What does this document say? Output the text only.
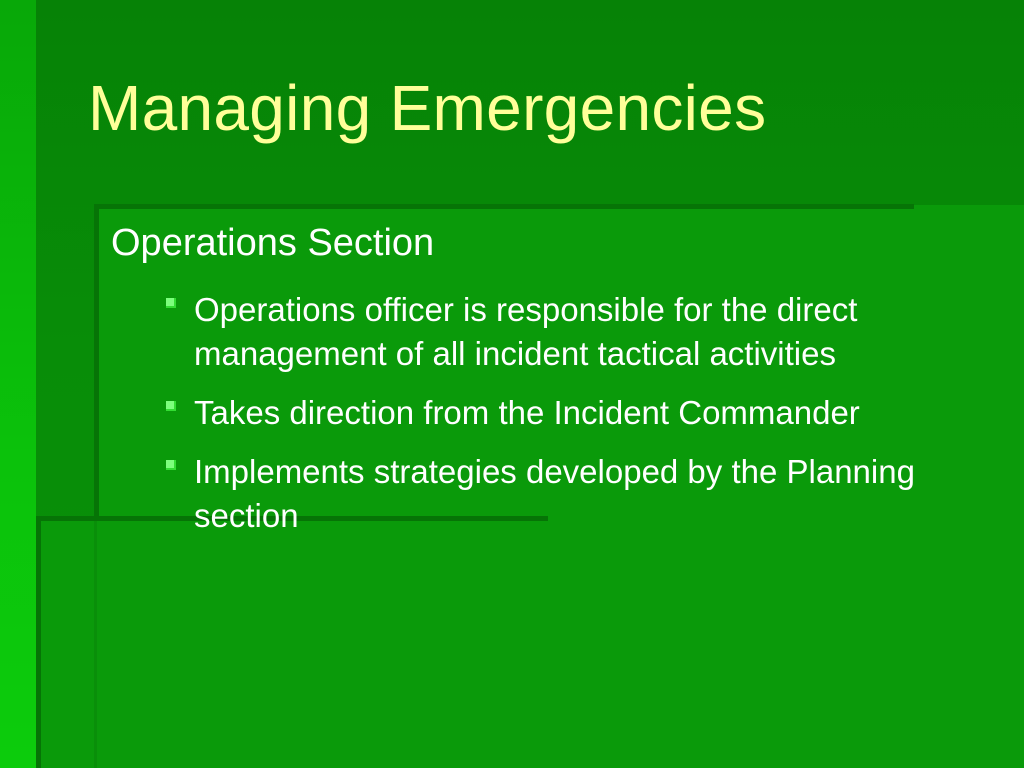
Managing Emergencies
Operations Section
Operations officer is responsible for the direct management of all incident tactical activities
Takes direction from the Incident Commander
Implements strategies developed by the Planning section
